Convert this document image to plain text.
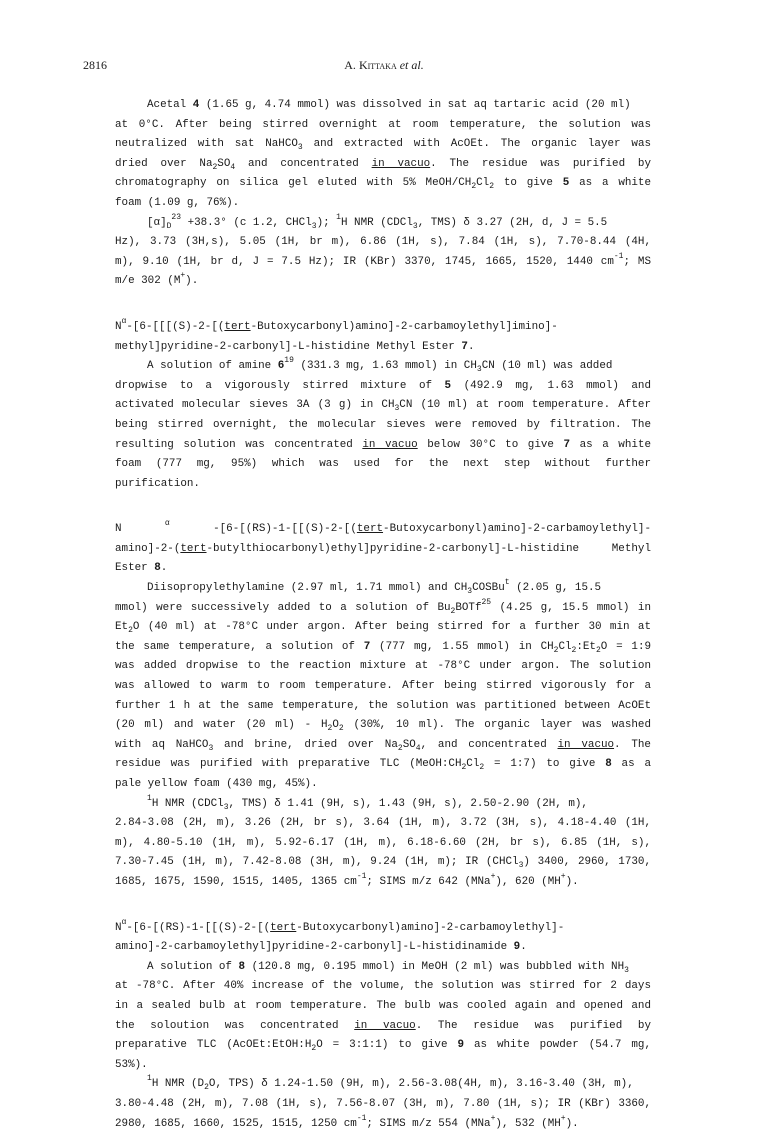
2816	A. Kittaka et al.
Acetal 4 (1.65 g, 4.74 mmol) was dissolved in sat aq tartaric acid (20 ml)
at 0°C. After being stirred overnight at room temperature, the solution was
neutralized with sat NaHCO$_3$ and extracted with AcOEt. The organic layer was
dried over $Na_2SO_4$ and concentrated in vacuo. The residue was purified by
chromatography on silica gel eluted with 5% MeOH/$CH_2Cl_2$ to give 5 as a white
foam (1.09 g, 76%).
$[\alpha]_D^{23} +38.3^\circ$ (c 1.2, CHCl$_3$); $^1$H NMR (CDCl$_3$, TMS) δ 3.27 (2H, d, J = 5.5
Hz), 3.73 (3H,s), 5.05 (1H, br m), 6.86 (1H, s), 7.84 (1H, s), 7.70-8.44 (4H,
m), 9.10 (1H, br d, J = 7.5 Hz); IR (KBr) 3370, 1745, 1665, 1520, 1440 $cm^{-1}$; MS
m/e 302 (M+).
$N^\alpha-[6-[[[(S)-2-[(tert-Butoxycarbonyl)amino]-2-carbamoylethyl]imino]-$
methyl]pyridine-2-carbonyl]-L-histidine Methyl Ester 7.
A solution of amine $6^{19}$ (331.3 mg, 1.63 mmol) in $CH_3CN$ (10 ml) was added
dropwise to a vigorously stirred mixture of 5 (492.9 mg, 1.63 mmol) and
activated molecular sieves 3A (3 g) in $CH_3CN$ (10 ml) at room temperature. After
being stirred overnight, the molecular sieves were removed by filtration. The
resulting solution was concentrated in vacuo below 30°C to give 7 as a white
foam (777 mg, 95%) which was used for the next step without further
purification.
N $^\alpha$ -[6-[(RS)-1-[[(S)-2-[(tert-Butoxycarbonyl)amino]-2-carbamoylethyl]-
amino]-2-(tert-butylthiocarbonyl)ethyl]pyridine-2-carbonyl]-L-histidine Methyl
Ester 8.
Diisopropylethylamine (2.97 ml, 1.71 mmol) and $CH_3COSBu^t$ (2.05 g, 15.5
mmol) were successively added to a solution of $Bu_2BOTf^{25}$ (4.25 g, 15.5 mmol) in
$Et_2O$ (40 ml) at -78°C under argon. After being stirred for a further 30 min at
the same temperature, a solution of 7 (777 mg, 1.55 mmol) in $CH_2Cl_2:Et_2O$ = 1:9
was added dropwise to the reaction mixture at -78°C under argon. The solution
was allowed to warm to room temperature. After being stirred vigorously for a
further 1 h at the same temperature, the solution was partitioned between AcOEt
(20 ml) and water (20 $ml) - H_2O_2$ (30%, 10 ml). The organic layer was washed
with aq NaHCO$_3$ and brine, dried over $Na_2SO_4$, and concentrated in vacuo. The
residue was purified with preparative TLC ($MeOH:CH_2Cl_2$ = 1:7) to give 8 as a
pale yellow foam (430 mg, 45%).
$^1$H NMR (CDCl$_3$, TMS) δ 1.41 (9H, s), 1.43 (9H, s), 2.50-2.90 (2H, m),
2.84-3.08 (2H, m), 3.26 (2H, br s), 3.64 (1H, m), 3.72 (3H, s), 4.18-4.40 (1H,
m), 4.80-5.10 (1H, m), 5.92-6.17 (1H, m), 6.18-6.60 (2H, br s), 6.85 (1H, s),
7.30-7.45 (1H, m), 7.42-8.08 (3H, m), 9.24 (1H, m); IR (CHCl$_3$) 3400, 2960, 1730,
1685, 1675, 1590, 1515, 1405, 1365 $cm^{-1}$; SIMS m/z 642 (MNa+), 620 (MH+).
$N^\alpha-[6-[(RS)-1-[[(S)-2-[(tert-Butoxycarbonyl)amino]-2-carbamoylethyl]-$
amino]-2-carbamoylethyl]pyridine-2-carbonyl]-L-histidinamide 9.
A solution of 8 (120.8 mg, 0.195 mmol) in MeOH (2 ml) was bubbled with $NH_3$
at -78°C. After 40% increase of the volume, the solution was stirred for 2 days
in a sealed bulb at room temperature. The bulb was cooled again and opened and
the soloution was concentrated in vacuo. The residue was purified by
preparative TLC ($AcOEt:EtOH:H_2O$ = 3:1:1) to give 9 as white powder (54.7 mg,
53%).
$^1$H NMR ($D_2O$, TPS) δ 1.24-1.50 (9H, m), 2.56-3.08(4H, m), 3.16-3.40 (3H, m),
3.80-4.48 (2H, m), 7.08 (1H, s), 7.56-8.07 (3H, m), 7.80 (1H, s); IR (KBr) 3360,
2980, 1685, 1660, 1525, 1515, 1250 $cm^{-1}$; SIMS m/z 554 (MNa+), 532 (MH+).
